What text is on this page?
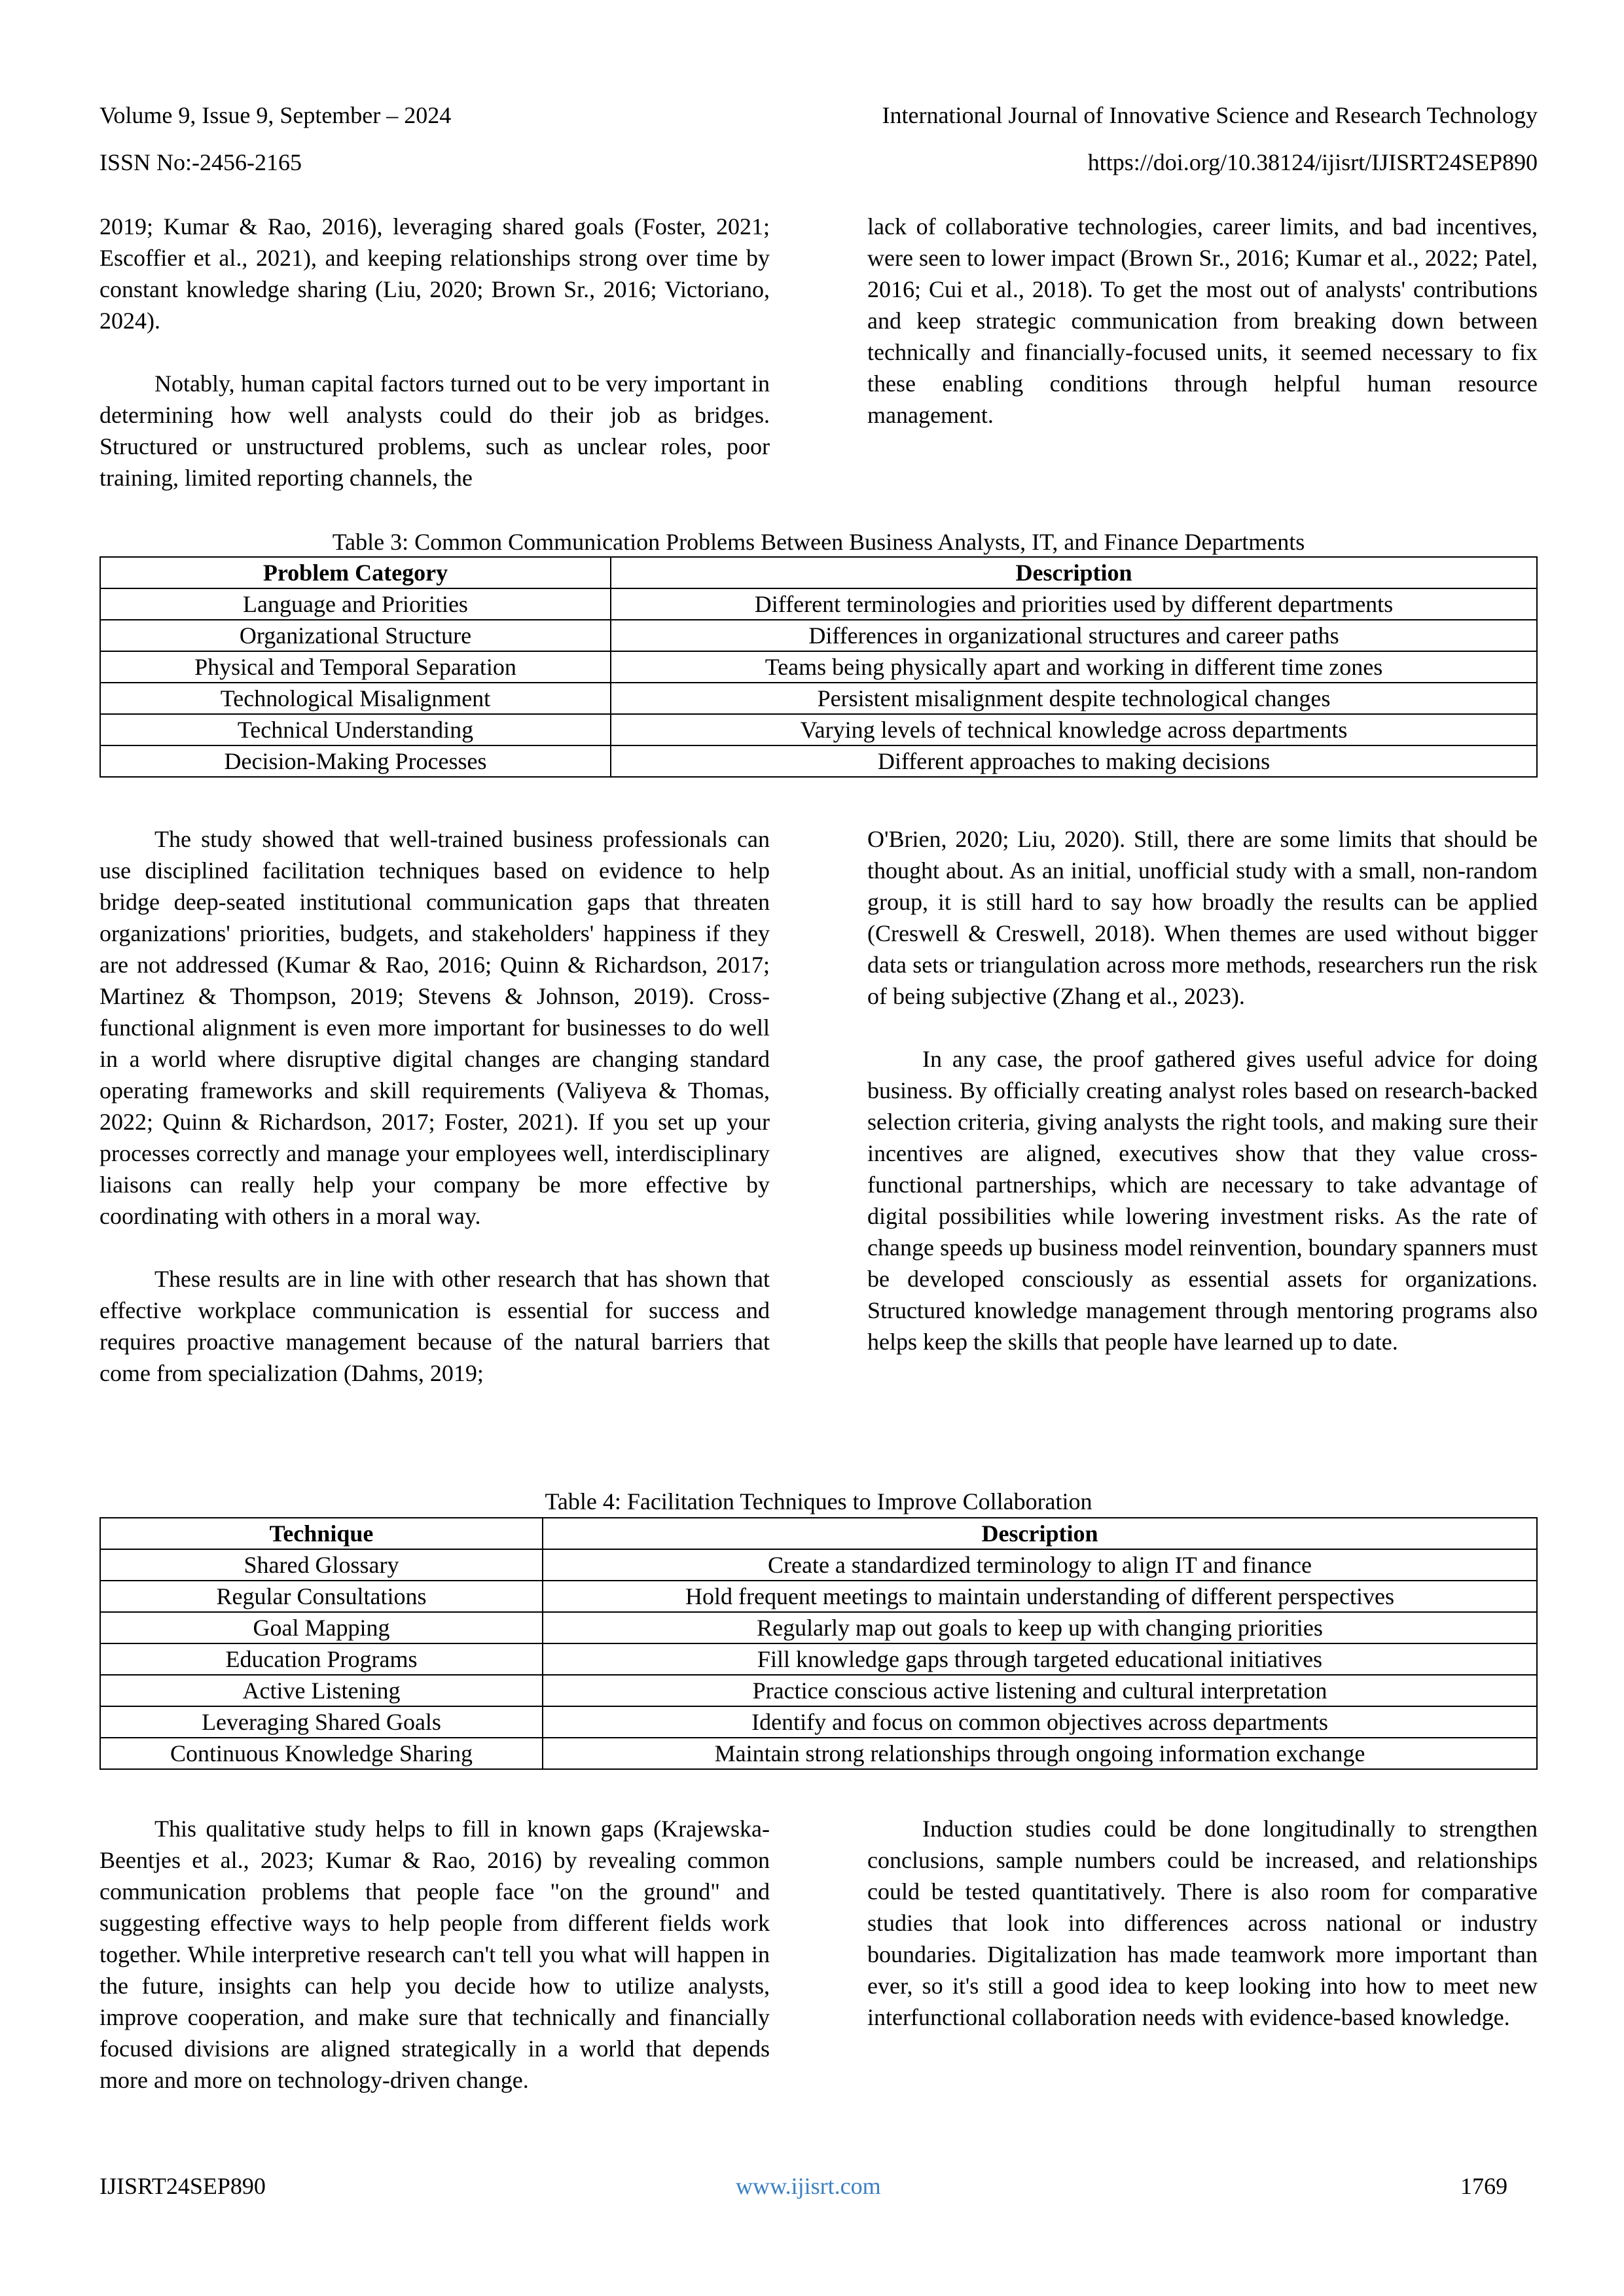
Volume 9, Issue 9, September – 2024	International Journal of Innovative Science and Research Technology
ISSN No:-2456-2165	https://doi.org/10.38124/ijisrt/IJISRT24SEP890

2019; Kumar & Rao, 2016), leveraging shared goals (Foster, 2021; Escoffier et al., 2021), and keeping relationships strong over time by constant knowledge sharing (Liu, 2020; Brown Sr., 2016; Victoriano, 2024).

Notably, human capital factors turned out to be very important in determining how well analysts could do their job as bridges. Structured or unstructured problems, such as unclear roles, poor training, limited reporting channels, the

lack of collaborative technologies, career limits, and bad incentives, were seen to lower impact (Brown Sr., 2016; Kumar et al., 2022; Patel, 2016; Cui et al., 2018). To get the most out of analysts' contributions and keep strategic communication from breaking down between technically and financially-focused units, it seemed necessary to fix these enabling conditions through helpful human resource management.

Table 3: Common Communication Problems Between Business Analysts, IT, and Finance Departments
Problem Category	Description
Language and Priorities	Different terminologies and priorities used by different departments
Organizational Structure	Differences in organizational structures and career paths
Physical and Temporal Separation	Teams being physically apart and working in different time zones
Technological Misalignment	Persistent misalignment despite technological changes
Technical Understanding	Varying levels of technical knowledge across departments
Decision-Making Processes	Different approaches to making decisions

The study showed that well-trained business professionals can use disciplined facilitation techniques based on evidence to help bridge deep-seated institutional communication gaps that threaten organizations' priorities, budgets, and stakeholders' happiness if they are not addressed (Kumar & Rao, 2016; Quinn & Richardson, 2017; Martinez & Thompson, 2019; Stevens & Johnson, 2019). Cross-functional alignment is even more important for businesses to do well in a world where disruptive digital changes are changing standard operating frameworks and skill requirements (Valiyeva & Thomas, 2022; Quinn & Richardson, 2017; Foster, 2021). If you set up your processes correctly and manage your employees well, interdisciplinary liaisons can really help your company be more effective by coordinating with others in a moral way.

These results are in line with other research that has shown that effective workplace communication is essential for success and requires proactive management because of the natural barriers that come from specialization (Dahms, 2019;

O'Brien, 2020; Liu, 2020). Still, there are some limits that should be thought about. As an initial, unofficial study with a small, non-random group, it is still hard to say how broadly the results can be applied (Creswell & Creswell, 2018). When themes are used without bigger data sets or triangulation across more methods, researchers run the risk of being subjective (Zhang et al., 2023).

In any case, the proof gathered gives useful advice for doing business. By officially creating analyst roles based on research-backed selection criteria, giving analysts the right tools, and making sure their incentives are aligned, executives show that they value cross-functional partnerships, which are necessary to take advantage of digital possibilities while lowering investment risks. As the rate of change speeds up business model reinvention, boundary spanners must be developed consciously as essential assets for organizations. Structured knowledge management through mentoring programs also helps keep the skills that people have learned up to date.

Table 4: Facilitation Techniques to Improve Collaboration
Technique	Description
Shared Glossary	Create a standardized terminology to align IT and finance
Regular Consultations	Hold frequent meetings to maintain understanding of different perspectives
Goal Mapping	Regularly map out goals to keep up with changing priorities
Education Programs	Fill knowledge gaps through targeted educational initiatives
Active Listening	Practice conscious active listening and cultural interpretation
Leveraging Shared Goals	Identify and focus on common objectives across departments
Continuous Knowledge Sharing	Maintain strong relationships through ongoing information exchange

This qualitative study helps to fill in known gaps (Krajewska-Beentjes et al., 2023; Kumar & Rao, 2016) by revealing common communication problems that people face "on the ground" and suggesting effective ways to help people from different fields work together. While interpretive research can't tell you what will happen in the future, insights can help you decide how to utilize analysts, improve cooperation, and make sure that technically and financially focused divisions are aligned strategically in a world that depends more and more on technology-driven change.

Induction studies could be done longitudinally to strengthen conclusions, sample numbers could be increased, and relationships could be tested quantitatively. There is also room for comparative studies that look into differences across national or industry boundaries. Digitalization has made teamwork more important than ever, so it's still a good idea to keep looking into how to meet new interfunctional collaboration needs with evidence-based knowledge.

IJISRT24SEP890	www.ijisrt.com	1769
